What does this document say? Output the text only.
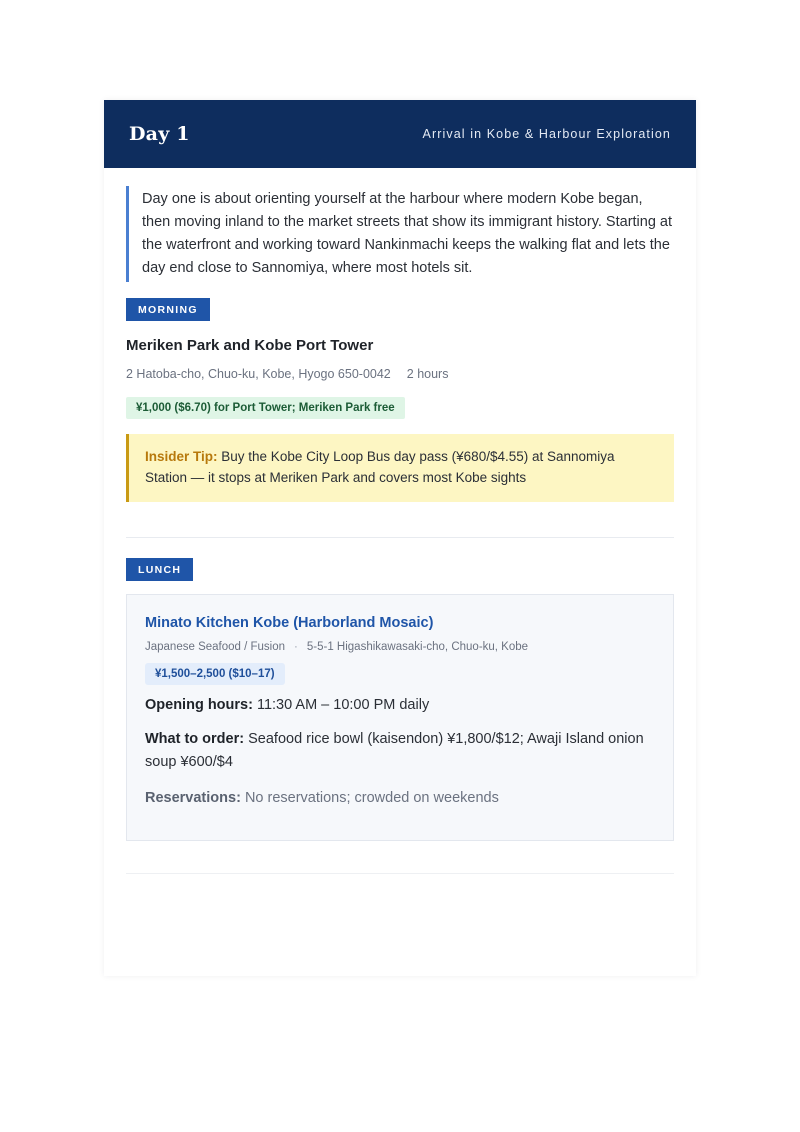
Day 1	Arrival in Kobe & Harbour Exploration
Day one is about orienting yourself at the harbour where modern Kobe began, then moving inland to the market streets that show its immigrant history. Starting at the waterfront and working toward Nankinmachi keeps the walking flat and lets the day end close to Sannomiya, where most hotels sit.
MORNING
Meriken Park and Kobe Port Tower
2 Hatoba-cho, Chuo-ku, Kobe, Hyogo 650-0042 2 hours
¥1,000 ($6.70) for Port Tower; Meriken Park free
Insider Tip: Buy the Kobe City Loop Bus day pass (¥680/$4.55) at Sannomiya Station — it stops at Meriken Park and covers most Kobe sights
LUNCH
Minato Kitchen Kobe (Harborland Mosaic)
Japanese Seafood / Fusion · 5-5-1 Higashikawasaki-cho, Chuo-ku, Kobe
¥1,500–2,500 ($10–17)
Opening hours: 11:30 AM – 10:00 PM daily
What to order: Seafood rice bowl (kaisendon) ¥1,800/$12; Awaji Island onion soup ¥600/$4
Reservations: No reservations; crowded on weekends
